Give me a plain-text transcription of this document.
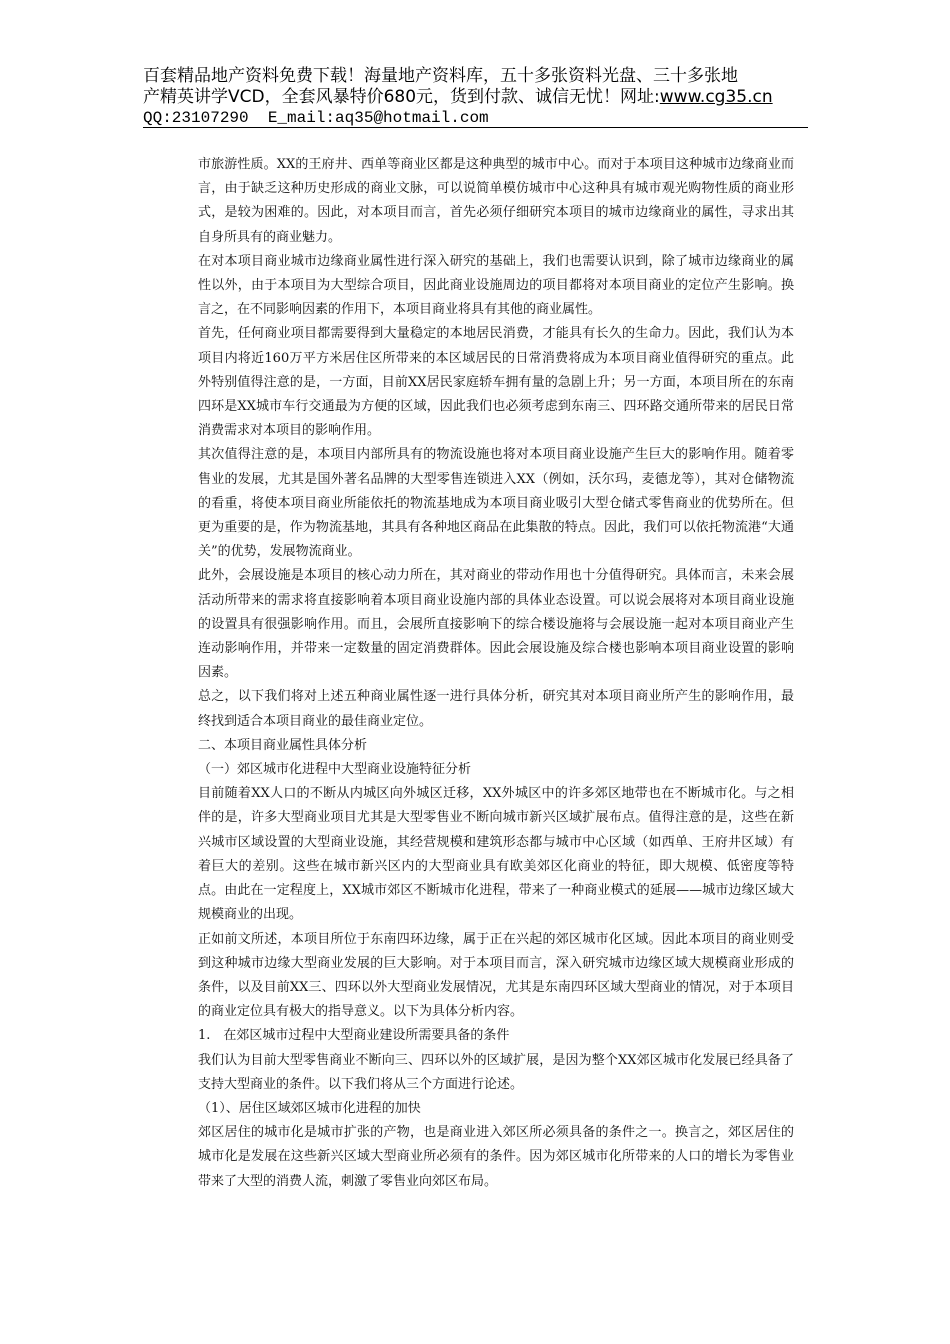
百套精品地产资料免费下载！海量地产资料库，五十多张资料光盘、三十多张地
产精英讲学VCD，全套风暴特价680元，货到付款、诚信无忧！网址:www.cg35.cn
QQ:23107290  E_mail:aq35@hotmail.com

市旅游性质。XX的王府井、西单等商业区都是这种典型的城市中心。而对于本项目这种城市边缘商业而言，由于缺乏这种历史形成的商业文脉，可以说简单模仿城市中心这种具有城市观光购物性质的商业形式，是较为困难的。因此，对本项目而言，首先必须仔细研究本项目的城市边缘商业的属性，寻求出其自身所具有的商业魅力。

在对本项目商业城市边缘商业属性进行深入研究的基础上，我们也需要认识到，除了城市边缘商业的属性以外，由于本项目为大型综合项目，因此商业设施周边的项目都将对本项目商业的定位产生影响。换言之，在不同影响因素的作用下，本项目商业将具有其他的商业属性。

首先，任何商业项目都需要得到大量稳定的本地居民消费，才能具有长久的生命力。因此，我们认为本项目内将近160万平方米居住区所带来的本区域居民的日常消费将成为本项目商业值得研究的重点。此外特别值得注意的是，一方面，目前XX居民家庭轿车拥有量的急剧上升；另一方面，本项目所在的东南四环是XX城市车行交通最为方便的区域，因此我们也必须考虑到东南三、四环路交通所带来的居民日常消费需求对本项目的影响作用。

其次值得注意的是，本项目内部所具有的物流设施也将对本项目商业设施产生巨大的影响作用。随着零售业的发展，尤其是国外著名品牌的大型零售连锁进入XX（例如，沃尔玛，麦德龙等），其对仓储物流的看重，将使本项目商业所能依托的物流基地成为本项目商业吸引大型仓储式零售商业的优势所在。但更为重要的是，作为物流基地，其具有各种地区商品在此集散的特点。因此，我们可以依托物流港“大通关”的优势，发展物流商业。

此外，会展设施是本项目的核心动力所在，其对商业的带动作用也十分值得研究。具体而言，未来会展活动所带来的需求将直接影响着本项目商业设施内部的具体业态设置。可以说会展将对本项目商业设施的设置具有很强影响作用。而且，会展所直接影响下的综合楼设施将与会展设施一起对本项目商业产生连动影响作用，并带来一定数量的固定消费群体。因此会展设施及综合楼也影响本项目商业设置的影响因素。

总之，以下我们将对上述五种商业属性逐一进行具体分析，研究其对本项目商业所产生的影响作用，最终找到适合本项目商业的最佳商业定位。

二、本项目商业属性具体分析

（一）郊区城市化进程中大型商业设施特征分析

目前随着XX人口的不断从内城区向外城区迁移，XX外城区中的许多郊区地带也在不断城市化。与之相伴的是，许多大型商业项目尤其是大型零售业不断向城市新兴区域扩展布点。值得注意的是，这些在新兴城市区域设置的大型商业设施，其经营规模和建筑形态都与城市中心区域（如西单、王府井区域）有着巨大的差别。这些在城市新兴区内的大型商业具有欧美郊区化商业的特征，即大规模、低密度等特点。由此在一定程度上，XX城市郊区不断城市化进程，带来了一种商业模式的延展——城市边缘区域大规模商业的出现。

正如前文所述，本项目所位于东南四环边缘，属于正在兴起的郊区城市化区域。因此本项目的商业则受到这种城市边缘大型商业发展的巨大影响。对于本项目而言，深入研究城市边缘区域大规模商业形成的条件，以及目前XX三、四环以外大型商业发展情况，尤其是东南四环区域大型商业的情况，对于本项目的商业定位具有极大的指导意义。以下为具体分析内容。

1.　在郊区城市过程中大型商业建设所需要具备的条件

我们认为目前大型零售商业不断向三、四环以外的区域扩展，是因为整个XX郊区城市化发展已经具备了支持大型商业的条件。以下我们将从三个方面进行论述。

（1）、居住区域郊区城市化进程的加快

郊区居住的城市化是城市扩张的产物，也是商业进入郊区所必须具备的条件之一。换言之，郊区居住的城市化是发展在这些新兴区域大型商业所必须有的条件。因为郊区城市化所带来的人口的增长为零售业带来了大型的消费人流，刺激了零售业向郊区布局。
